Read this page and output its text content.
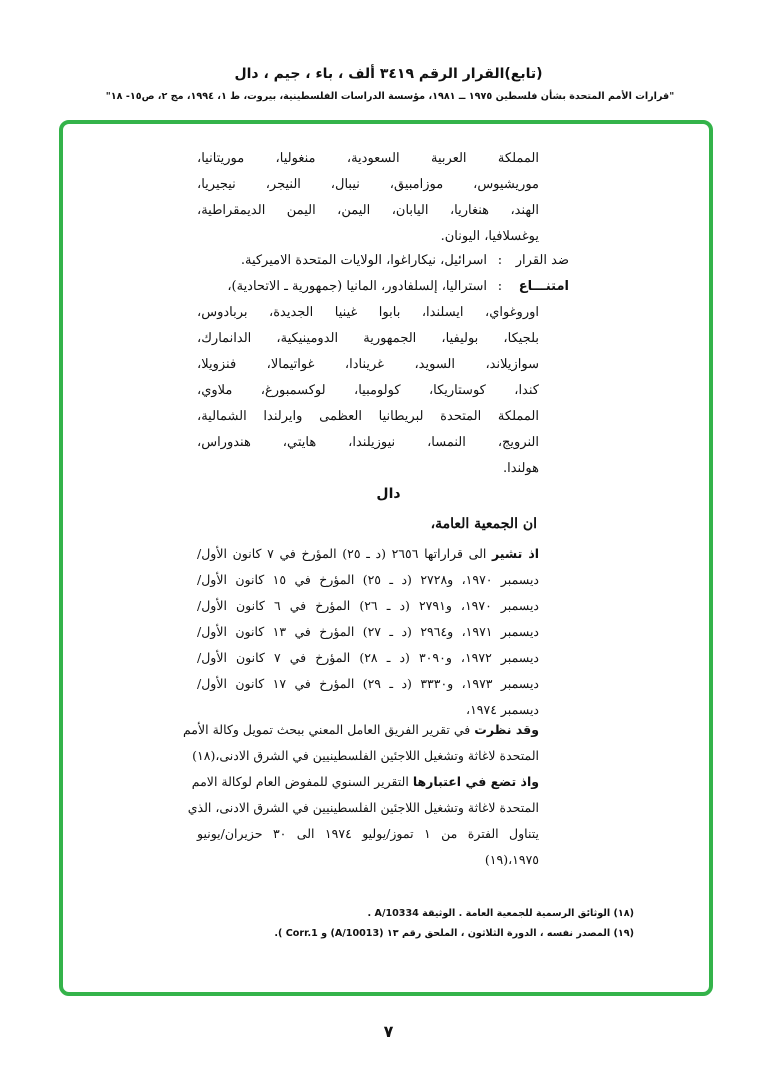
(تابع)القرار الرقم ٣٤١٩ ألف ، باء ، جيم ، دال
"قرارات الأمم المتحدة بشأن فلسطين ١٩٧٥ ــ ١٩٨١، مؤسسة الدراسات الفلسطينية، بيروت، ط ١، ١٩٩٤، مج ٢، ص١٥- ١٨"
المملكة العربية السعودية، منغوليا، موريتانيا،
موريشيوس، موزامبيق، نيبال، النيجر، نيجيريا،
الهند، هنغاريا، اليابان، اليمن، اليمن الديمقراطية،
يوغسلافيا، اليونان.
ضد القرار
:
اسرائيل، نيكاراغوا، الولايات المتحدة الاميركية.
امتنـــاع
:
استراليا، إلسلفادور، المانيا (جمهورية ـ الاتحادية)،
اوروغواي، ايسلندا، بابوا غينيا الجديدة، بربادوس،
بلجيكا، بوليفيا، الجمهورية الدومينيكية، الدانمارك،
سوازيلاند، السويد، غرينادا، غواتيمالا، فنزويلا،
كندا، كوستاريكا، كولومبيا، لوكسمبورغ، ملاوي،
المملكة المتحدة لبريطانيا العظمى وايرلندا الشمالية،
النرويج، النمسا، نيوزيلندا، هايتي، هندوراس،
هولندا.
دال
ان الجمعية العامة،
اذ تشير الى قراراتها ٢٦٥٦ (د ـ ٢٥) المؤرخ في ٧ كانون الأول/
ديسمبر ١٩٧٠، و٢٧٢٨ (د ـ ٢٥) المؤرخ في ١٥ كانون الأول/
ديسمبر ١٩٧٠، و٢٧٩١ (د ـ ٢٦) المؤرخ في ٦ كانون الأول/
ديسمبر ١٩٧١، و٢٩٦٤ (د ـ ٢٧) المؤرخ في ١٣ كانون الأول/
ديسمبر ١٩٧٢، و٣٠٩٠ (د ـ ٢٨) المؤرخ في ٧ كانون الأول/
ديسمبر ١٩٧٣، و٣٣٣٠ (د ـ ٢٩) المؤرخ في ١٧ كانون الأول/
ديسمبر ١٩٧٤،
وقد نظرت في تقرير الفريق العامل المعني ببحث تمويل وكالة الأمم
المتحدة لاغاثة وتشغيل اللاجئين الفلسطينيين في الشرق الادنى،(١٨)
واذ تضع في اعتبارها التقرير السنوي للمفوض العام لوكالة الامم
المتحدة لاغاثة وتشغيل اللاجئين الفلسطينيين في الشرق الادنى، الذي
يتناول الفترة من ١ تموز/يوليو ١٩٧٤ الى ٣٠ حزيران/يونيو
١٩٧٥،(١٩)
(١٨) الوثائق الرسمية للجمعية العامة . الوثيقة A/10334 .
(١٩) المصدر نفسه ، الدورة الثلاثون ، الملحق رقم ١٣ (A/10013) و Corr.1 ).
٧
